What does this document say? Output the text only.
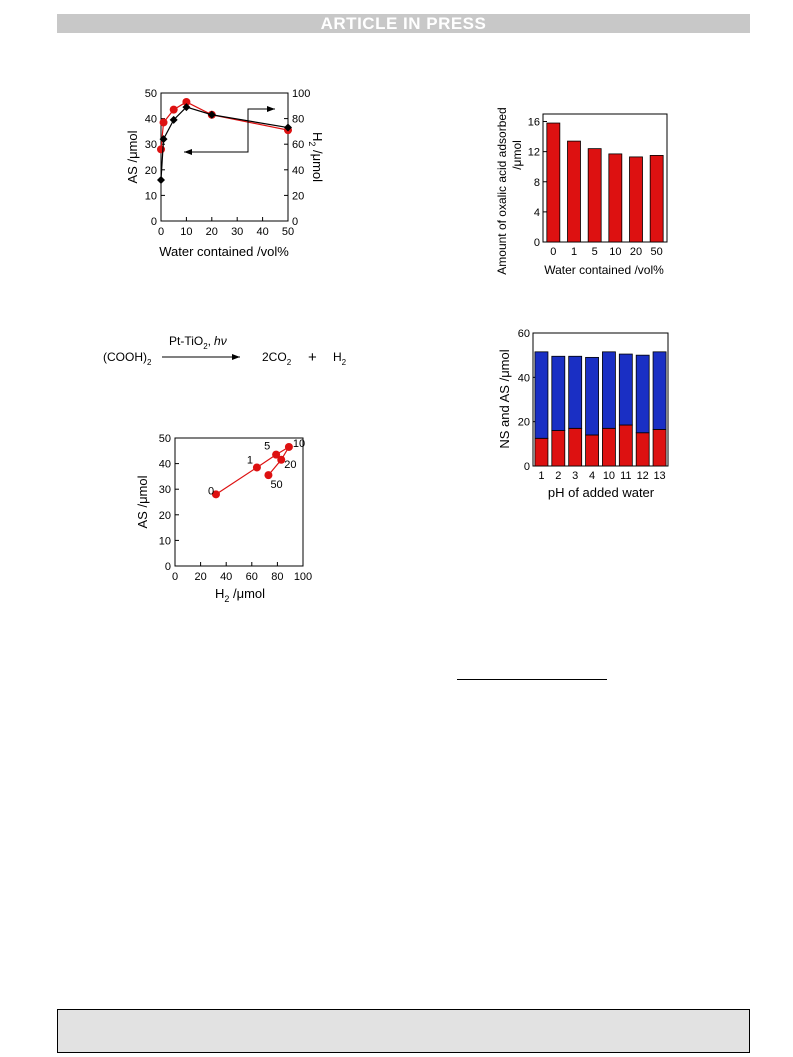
ARTICLE IN PRESS
0 10 20 30 40 50
0
10
20
30
40
50
0
20
40
60
80
100
AS /μmol	$H_2$ /μmol
Water contained /vol%
0
4
8
12
16
0 1 5 10 20 50
Amount of oxalic acid adsorbed /μmol
Water contained /vol%
$(COOH)_2$
Pt-TiO$_2$, hν
$2CO_2 + H_2$
0 20 40 60 80 100
0
10
20
30
40
50
0
1
5 10
20
50
AS /μmol
$H_2$ /μmol
0
20
40
60
1 2 3 4 10 11 12 13
NS and AS /μmol
pH of added water
